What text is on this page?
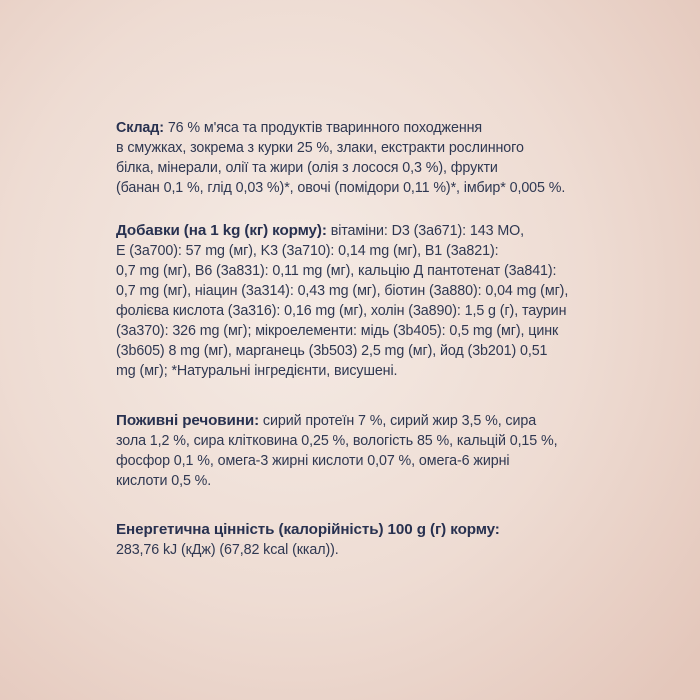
Склад: 76 % м'яса та продуктів тваринного походження
в смужках, зокрема з курки 25 %, злаки, екстракти рослинного
білка, мінерали, олії та жири (олія з лосося 0,3 %), фрукти
(банан 0,1 %, глід 0,03 %)*, овочі (помідори 0,11 %)*, імбир* 0,005 %.

Добавки (на 1 kg (кг) корму): вітаміни: D3 (3a671): 143 МО,
E (3a700): 57 mg (мг), K3 (3a710): 0,14 mg (мг), B1 (3a821):
0,7 mg (мг), B6 (3a831): 0,11 mg (мг), кальцію Д пантотенат (3a841):
0,7 mg (мг), ніацин (3a314): 0,43 mg (мг), біотин (3a880): 0,04 mg (мг),
фолієва кислота (3a316): 0,16 mg (мг), холін (3a890): 1,5 g (г), таурин
(3a370): 326 mg (мг); мікроелементи: мідь (3b405): 0,5 mg (мг), цинк
(3b605) 8 mg (мг), марганець (3b503) 2,5 mg (мг), йод (3b201) 0,51
mg (мг); *Натуральні інгредієнти, висушені.

Поживні речовини: сирий протеїн 7 %, сирий жир 3,5 %, сира
зола 1,2 %, сира клітковина 0,25 %, вологість 85 %, кальцій 0,15 %,
фосфор 0,1 %, омега-3 жирні кислоти 0,07 %, омега-6 жирні
кислоти 0,5 %.

Енергетична цінність (калорійність) 100 g (г) корму:
283,76 kJ (кДж) (67,82 kcal (ккал)).
